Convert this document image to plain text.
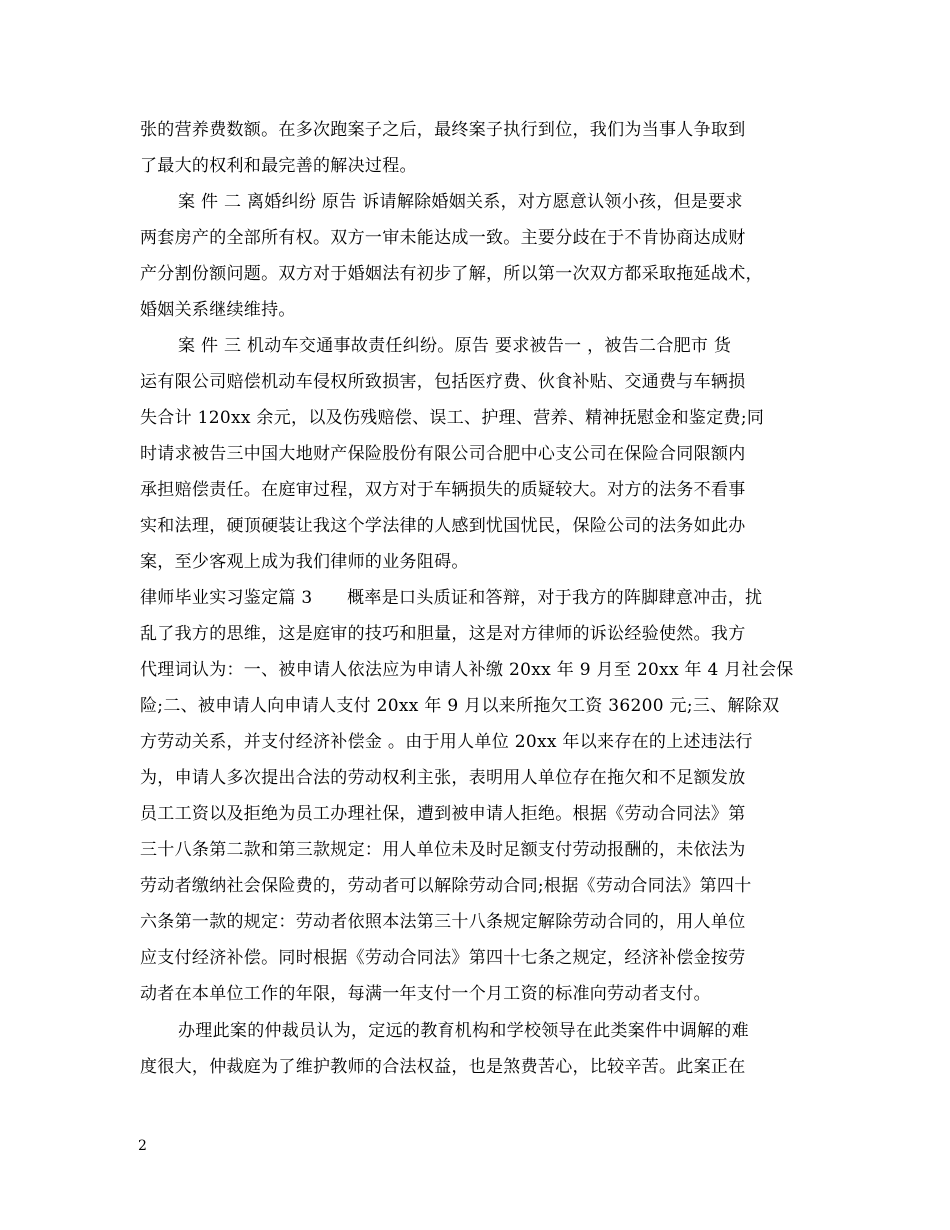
张的营养费数额。在多次跑案子之后，最终案子执行到位，我们为当事人争取到
了最大的权利和最完善的解决过程。
案 件 二 离婚纠纷 原告 诉请解除婚姻关系，对方愿意认领小孩，但是要求
两套房产的全部所有权。双方一审未能达成一致。主要分歧在于不肯协商达成财
产分割份额问题。双方对于婚姻法有初步了解，所以第一次双方都采取拖延战术，
婚姻关系继续维持。
案 件 三 机动车交通事故责任纠纷。原告 要求被告一 ，被告二合肥市 货
运有限公司赔偿机动车侵权所致损害，包括医疗费、伙食补贴、交通费与车辆损
失合计 120xx 余元，以及伤残赔偿、误工、护理、营养、精神抚慰金和鉴定费;同
时请求被告三中国大地财产保险股份有限公司合肥中心支公司在保险合同限额内
承担赔偿责任。在庭审过程，双方对于车辆损失的质疑较大。对方的法务不看事
实和法理，硬顶硬装让我这个学法律的人感到忧国忧民，保险公司的法务如此办
案，至少客观上成为我们律师的业务阻碍。
律师毕业实习鉴定篇 3　　概率是口头质证和答辩，对于我方的阵脚肆意冲击，扰
乱了我方的思维，这是庭审的技巧和胆量，这是对方律师的诉讼经验使然。我方
代理词认为：一、被申请人依法应为申请人补缴 20xx 年 9 月至 20xx 年 4 月社会保
险;二、被申请人向申请人支付 20xx 年 9 月以来所拖欠工资 36200 元;三、解除双
方劳动关系，并支付经济补偿金 。由于用人单位 20xx 年以来存在的上述违法行
为，申请人多次提出合法的劳动权利主张，表明用人单位存在拖欠和不足额发放
员工工资以及拒绝为员工办理社保，遭到被申请人拒绝。根据《劳动合同法》第
三十八条第二款和第三款规定：用人单位未及时足额支付劳动报酬的，未依法为
劳动者缴纳社会保险费的，劳动者可以解除劳动合同;根据《劳动合同法》第四十
六条第一款的规定：劳动者依照本法第三十八条规定解除劳动合同的，用人单位
应支付经济补偿。同时根据《劳动合同法》第四十七条之规定，经济补偿金按劳
动者在本单位工作的年限，每满一年支付一个月工资的标准向劳动者支付。
办理此案的仲裁员认为，定远的教育机构和学校领导在此类案件中调解的难
度很大，仲裁庭为了维护教师的合法权益，也是煞费苦心，比较辛苦。此案正在
2
